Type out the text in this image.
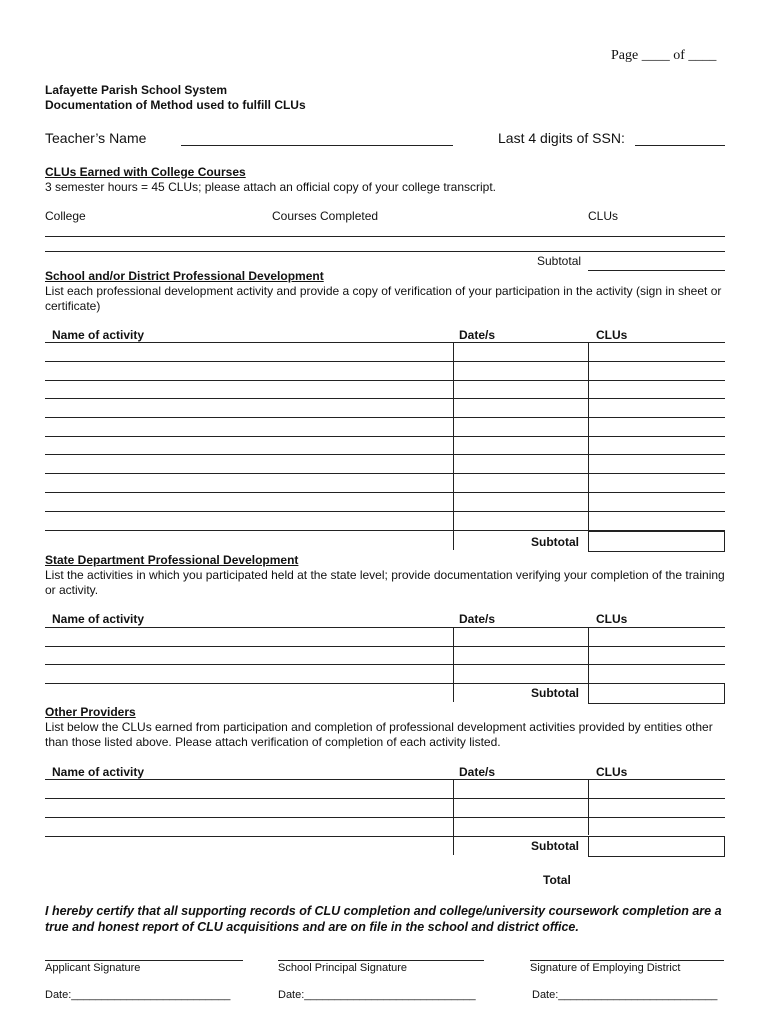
Page ____ of ____
Lafayette Parish School System
Documentation of Method used to fulfill CLUs
Teacher’s Name	Last 4 digits of SSN:
CLUs Earned with College Courses
3 semester hours = 45 CLUs; please attach an official copy of your college transcript.
College	Courses Completed	CLUs
Subtotal
School and/or District Professional Development
List each professional development activity and provide a copy of verification of your participation in the activity (sign in sheet or certificate)
Name of activity	Date/s	CLUs
Subtotal
State Department Professional Development
List the activities in which you participated held at the state level; provide documentation verifying your completion of the training or activity.
Name of activity	Date/s	CLUs
Subtotal
Other Providers
List below the CLUs earned from participation and completion of professional development activities provided by entities other than those listed above. Please attach verification of completion of each activity listed.
Name of activity	Date/s	CLUs
Subtotal
Total
I hereby certify that all supporting records of CLU completion and college/university coursework completion are a true and honest report of CLU acquisitions and are on file in the school and district office.
Applicant Signature	School Principal Signature	Signature of Employing District
Date:__________________________	Date:____________________________	Date:__________________________
